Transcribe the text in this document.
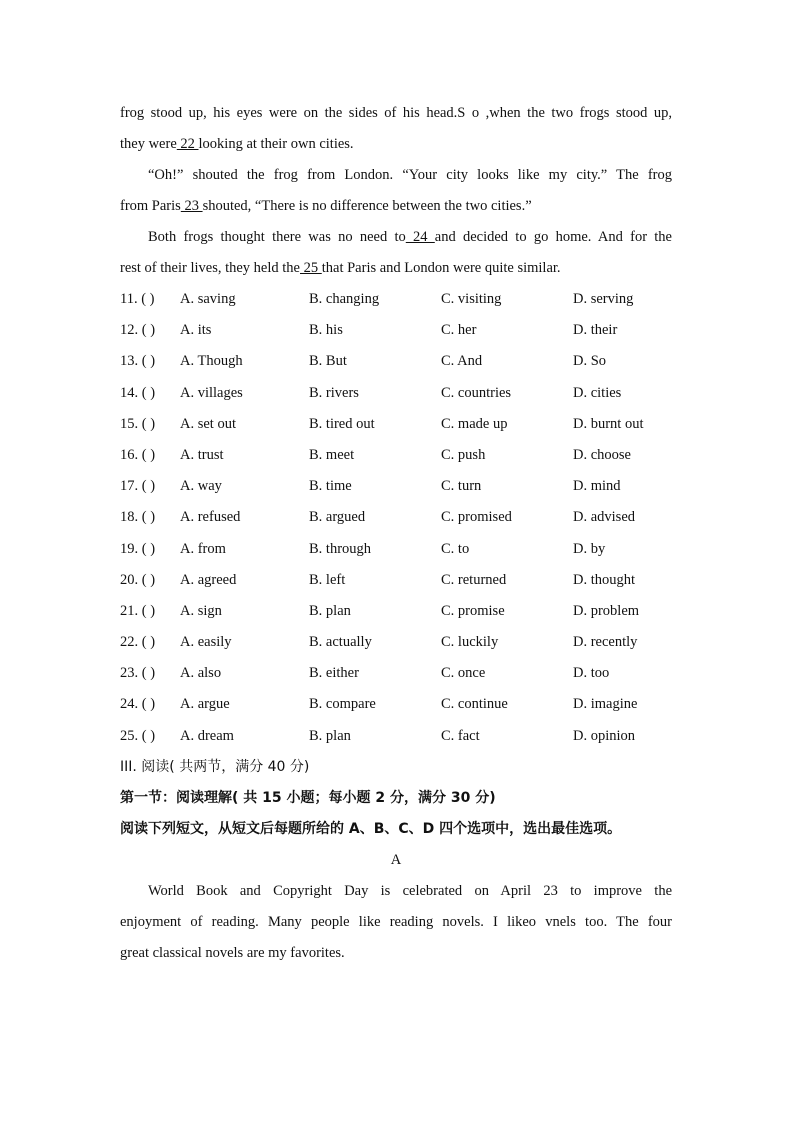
frog stood up, his eyes were on the sides of his head.S o ,when the two frogs stood up,
they were 22 looking at their own cities.
“Oh!” shouted the frog from London. “Your city looks like my city.” The frog
from Paris 23 shouted, “There is no difference between the two cities.”
Both frogs thought there was no need to 24 and decided to go home. And for the
rest of their lives, they held the 25 that Paris and London were quite similar.
11. ( ) A. saving	B. changing	C. visiting	D. serving
12. ( ) A. its	B. his	C. her	D. their
13. ( ) A. Though	B. But	C. And	D. So
14. ( ) A. villages	B. rivers	C. countries	D. cities
15. ( ) A. set out	B. tired out	C. made up	D. burnt out
16. ( ) A. trust	B. meet	C. push	D. choose
17. ( ) A. way	B. time	C. turn	D. mind
18. ( ) A. refused	B. argued	C. promised	D. advised
19. ( ) A. from	B. through	C. to	D. by
20. ( ) A. agreed	B. left	C. returned	D. thought
21. ( ) A. sign	B. plan	C. promise	D. problem
22. ( ) A. easily	B. actually	C. luckily	D. recently
23. ( ) A. also	B. either	C. once	D. too
24. ( ) A. argue	B. compare	C. continue	D. imagine
25. ( ) A. dream	B. plan	C. fact	D. opinion
III. 阅读( 共两节，满分 40 分)
第一节：阅读理解( 共 15 小题；每小题 2 分，满分 30 分)
阅读下列短文，从短文后每题所给的 A、B、C、D 四个选项中，选出最佳选项。
A
World Book and Copyright Day is celebrated on April 23 to improve the
enjoyment of reading. Many people like reading novels. I likeo vnels too. The four
great classical novels are my favorites.
